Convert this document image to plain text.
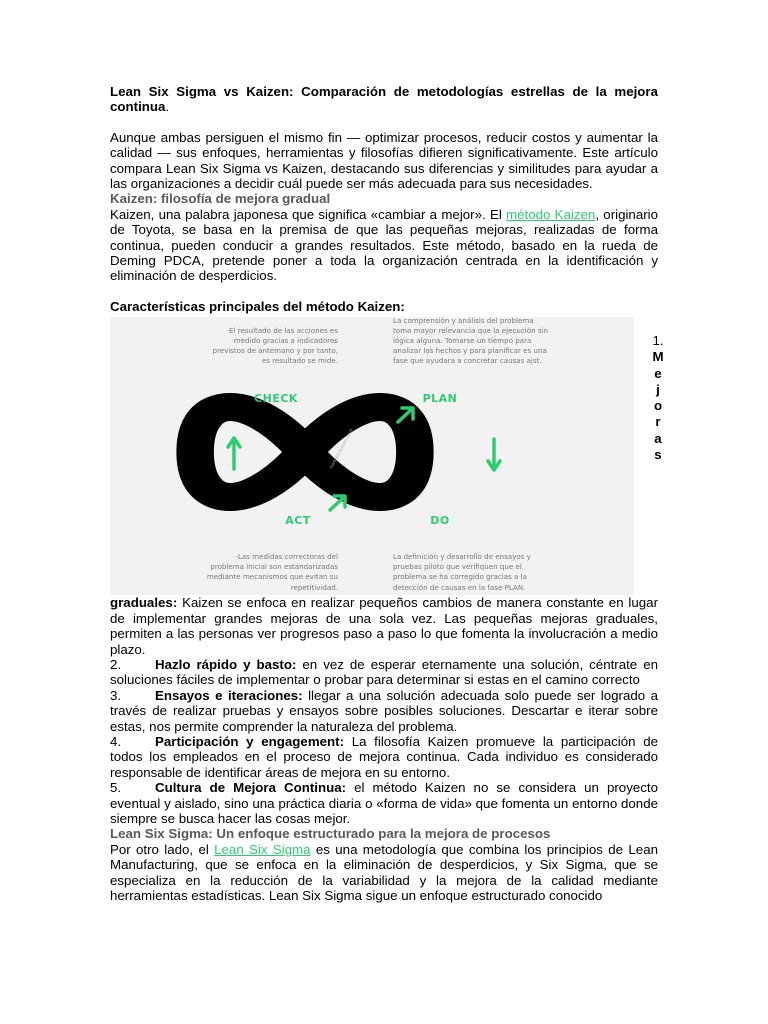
Lean Six Sigma vs Kaizen: Comparación de metodologías estrellas de la mejora continua.

Aunque ambas persiguen el mismo fin — optimizar procesos, reducir costos y aumentar la calidad — sus enfoques, herramientas y filosofías difieren significativamente. Este artículo compara Lean Six Sigma vs Kaizen, destacando sus diferencias y similitudes para ayudar a las organizaciones a decidir cuál puede ser más adecuada para sus necesidades.

Kaizen: filosofía de mejora gradual

Kaizen, una palabra japonesa que significa «cambiar a mejor». El método Kaizen, originario de Toyota, se basa en la premisa de que las pequeñas mejoras, realizadas de forma continua, pueden conducir a grandes resultados. Este método, basado en la rueda de Deming PDCA, pretende poner a toda la organización centrada en la identificación y eliminación de desperdicios.

Características principales del método Kaizen:

CHECK	PLAN
ACT	DO
metodo-kaizen.com
·El resultado de las acciones es
medido gracias a indicadores
previstos de antemano y por tanto,
es resultado se mide.
La comprensión y análisis del problema
toma mayor relevancia que la ejecución sin
lógica alguna. Tomarse un tiempo para
analizar los hechos y para planificar es una
fase que ayudara a concretar causas ajst.
·Las medidas correctoras del
problema inicial son estandarizadas
mediante mecanismos que evitan su
repetitividad.
La definición y desarrollo de ensayos y
pruebas piloto que verifiquen que el
problema se ha corregido gracias a la
detección de causas en la fase PLAN.

graduales: Kaizen se enfoca en realizar pequeños cambios de manera constante en lugar de implementar grandes mejoras de una sola vez. Las pequeñas mejoras graduales, permiten a las personas ver progresos paso a paso lo que fomenta la involucración a medio plazo.

2.	Hazlo rápido y basto: en vez de esperar eternamente una solución, céntrate en soluciones fáciles de implementar o probar para determinar si estas en el camino correcto

3.	Ensayos e iteraciones: llegar a una solución adecuada solo puede ser logrado a través de realizar pruebas y ensayos sobre posibles soluciones. Descartar e iterar sobre estas, nos permite comprender la naturaleza del problema.

4.	Participación y engagement: La filosofía Kaizen promueve la participación de todos los empleados en el proceso de mejora continua. Cada individuo es considerado responsable de identificar áreas de mejora en su entorno.

5.	Cultura de Mejora Continua: el método Kaizen no se considera un proyecto eventual y aislado, sino una práctica diaria o «forma de vida» que fomenta un entorno donde siempre se busca hacer las cosas mejor.

Lean Six Sigma: Un enfoque estructurado para la mejora de procesos

Por otro lado, el Lean Six Sigma es una metodología que combina los principios de Lean Manufacturing, que se enfoca en la eliminación de desperdicios, y Six Sigma, que se especializa en la reducción de la variabilidad y la mejora de la calidad mediante herramientas estadísticas. Lean Six Sigma sigue un enfoque estructurado conocido

1.
M
e
j
o
r
a
s
